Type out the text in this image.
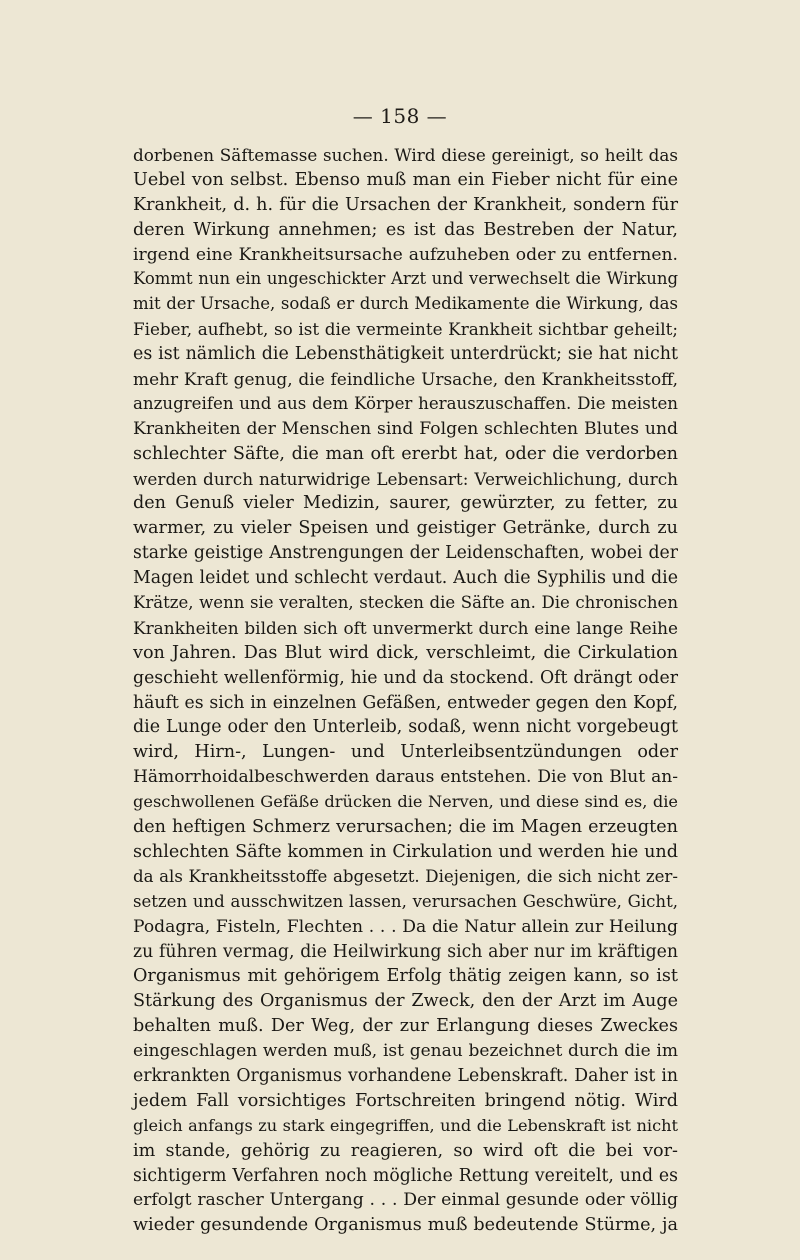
— 158 —
dorbenen Säftemasse suchen. Wird diese gereinigt, so heilt das
Uebel von selbst. Ebenso muß man ein Fieber nicht für eine
Krankheit, d. h. für die Ursachen der Krankheit, sondern für
deren Wirkung annehmen; es ist das Bestreben der Natur,
irgend eine Krankheitsursache aufzuheben oder zu entfernen.
Kommt nun ein ungeschickter Arzt und verwechselt die Wirkung
mit der Ursache, sodaß er durch Medikamente die Wirkung, das
Fieber, aufhebt, so ist die vermeinte Krankheit sichtbar geheilt;
es ist nämlich die Lebensthätigkeit unterdrückt; sie hat nicht
mehr Kraft genug, die feindliche Ursache, den Krankheitsstoff,
anzugreifen und aus dem Körper herauszuschaffen. Die meisten
Krankheiten der Menschen sind Folgen schlechten Blutes und
schlechter Säfte, die man oft ererbt hat, oder die verdorben
werden durch naturwidrige Lebensart: Verweichlichung, durch
den Genuß vieler Medizin, saurer, gewürzter, zu fetter, zu
warmer, zu vieler Speisen und geistiger Getränke, durch zu
starke geistige Anstrengungen der Leidenschaften, wobei der
Magen leidet und schlecht verdaut. Auch die Syphilis und die
Krätze, wenn sie veralten, stecken die Säfte an. Die chronischen
Krankheiten bilden sich oft unvermerkt durch eine lange Reihe
von Jahren. Das Blut wird dick, verschleimt, die Cirkulation
geschieht wellenförmig, hie und da stockend. Oft drängt oder
häuft es sich in einzelnen Gefäßen, entweder gegen den Kopf,
die Lunge oder den Unterleib, sodaß, wenn nicht vorgebeugt
wird, Hirn-, Lungen- und Unterleibsentzündungen oder
Hämorrhoidalbeschwerden daraus entstehen. Die von Blut an-
geschwollenen Gefäße drücken die Nerven, und diese sind es, die
den heftigen Schmerz verursachen; die im Magen erzeugten
schlechten Säfte kommen in Cirkulation und werden hie und
da als Krankheitsstoffe abgesetzt. Diejenigen, die sich nicht zer-
setzen und ausschwitzen lassen, verursachen Geschwüre, Gicht,
Podagra, Fisteln, Flechten . . . Da die Natur allein zur Heilung
zu führen vermag, die Heilwirkung sich aber nur im kräftigen
Organismus mit gehörigem Erfolg thätig zeigen kann, so ist
Stärkung des Organismus der Zweck, den der Arzt im Auge
behalten muß. Der Weg, der zur Erlangung dieses Zweckes
eingeschlagen werden muß, ist genau bezeichnet durch die im
erkrankten Organismus vorhandene Lebenskraft. Daher ist in
jedem Fall vorsichtiges Fortschreiten bringend nötig. Wird
gleich anfangs zu stark eingegriffen, und die Lebenskraft ist nicht
im stande, gehörig zu reagieren, so wird oft die bei vor-
sichtigerm Verfahren noch mögliche Rettung vereitelt, und es
erfolgt rascher Untergang . . . Der einmal gesunde oder völlig
wieder gesundende Organismus muß bedeutende Stürme, ja
